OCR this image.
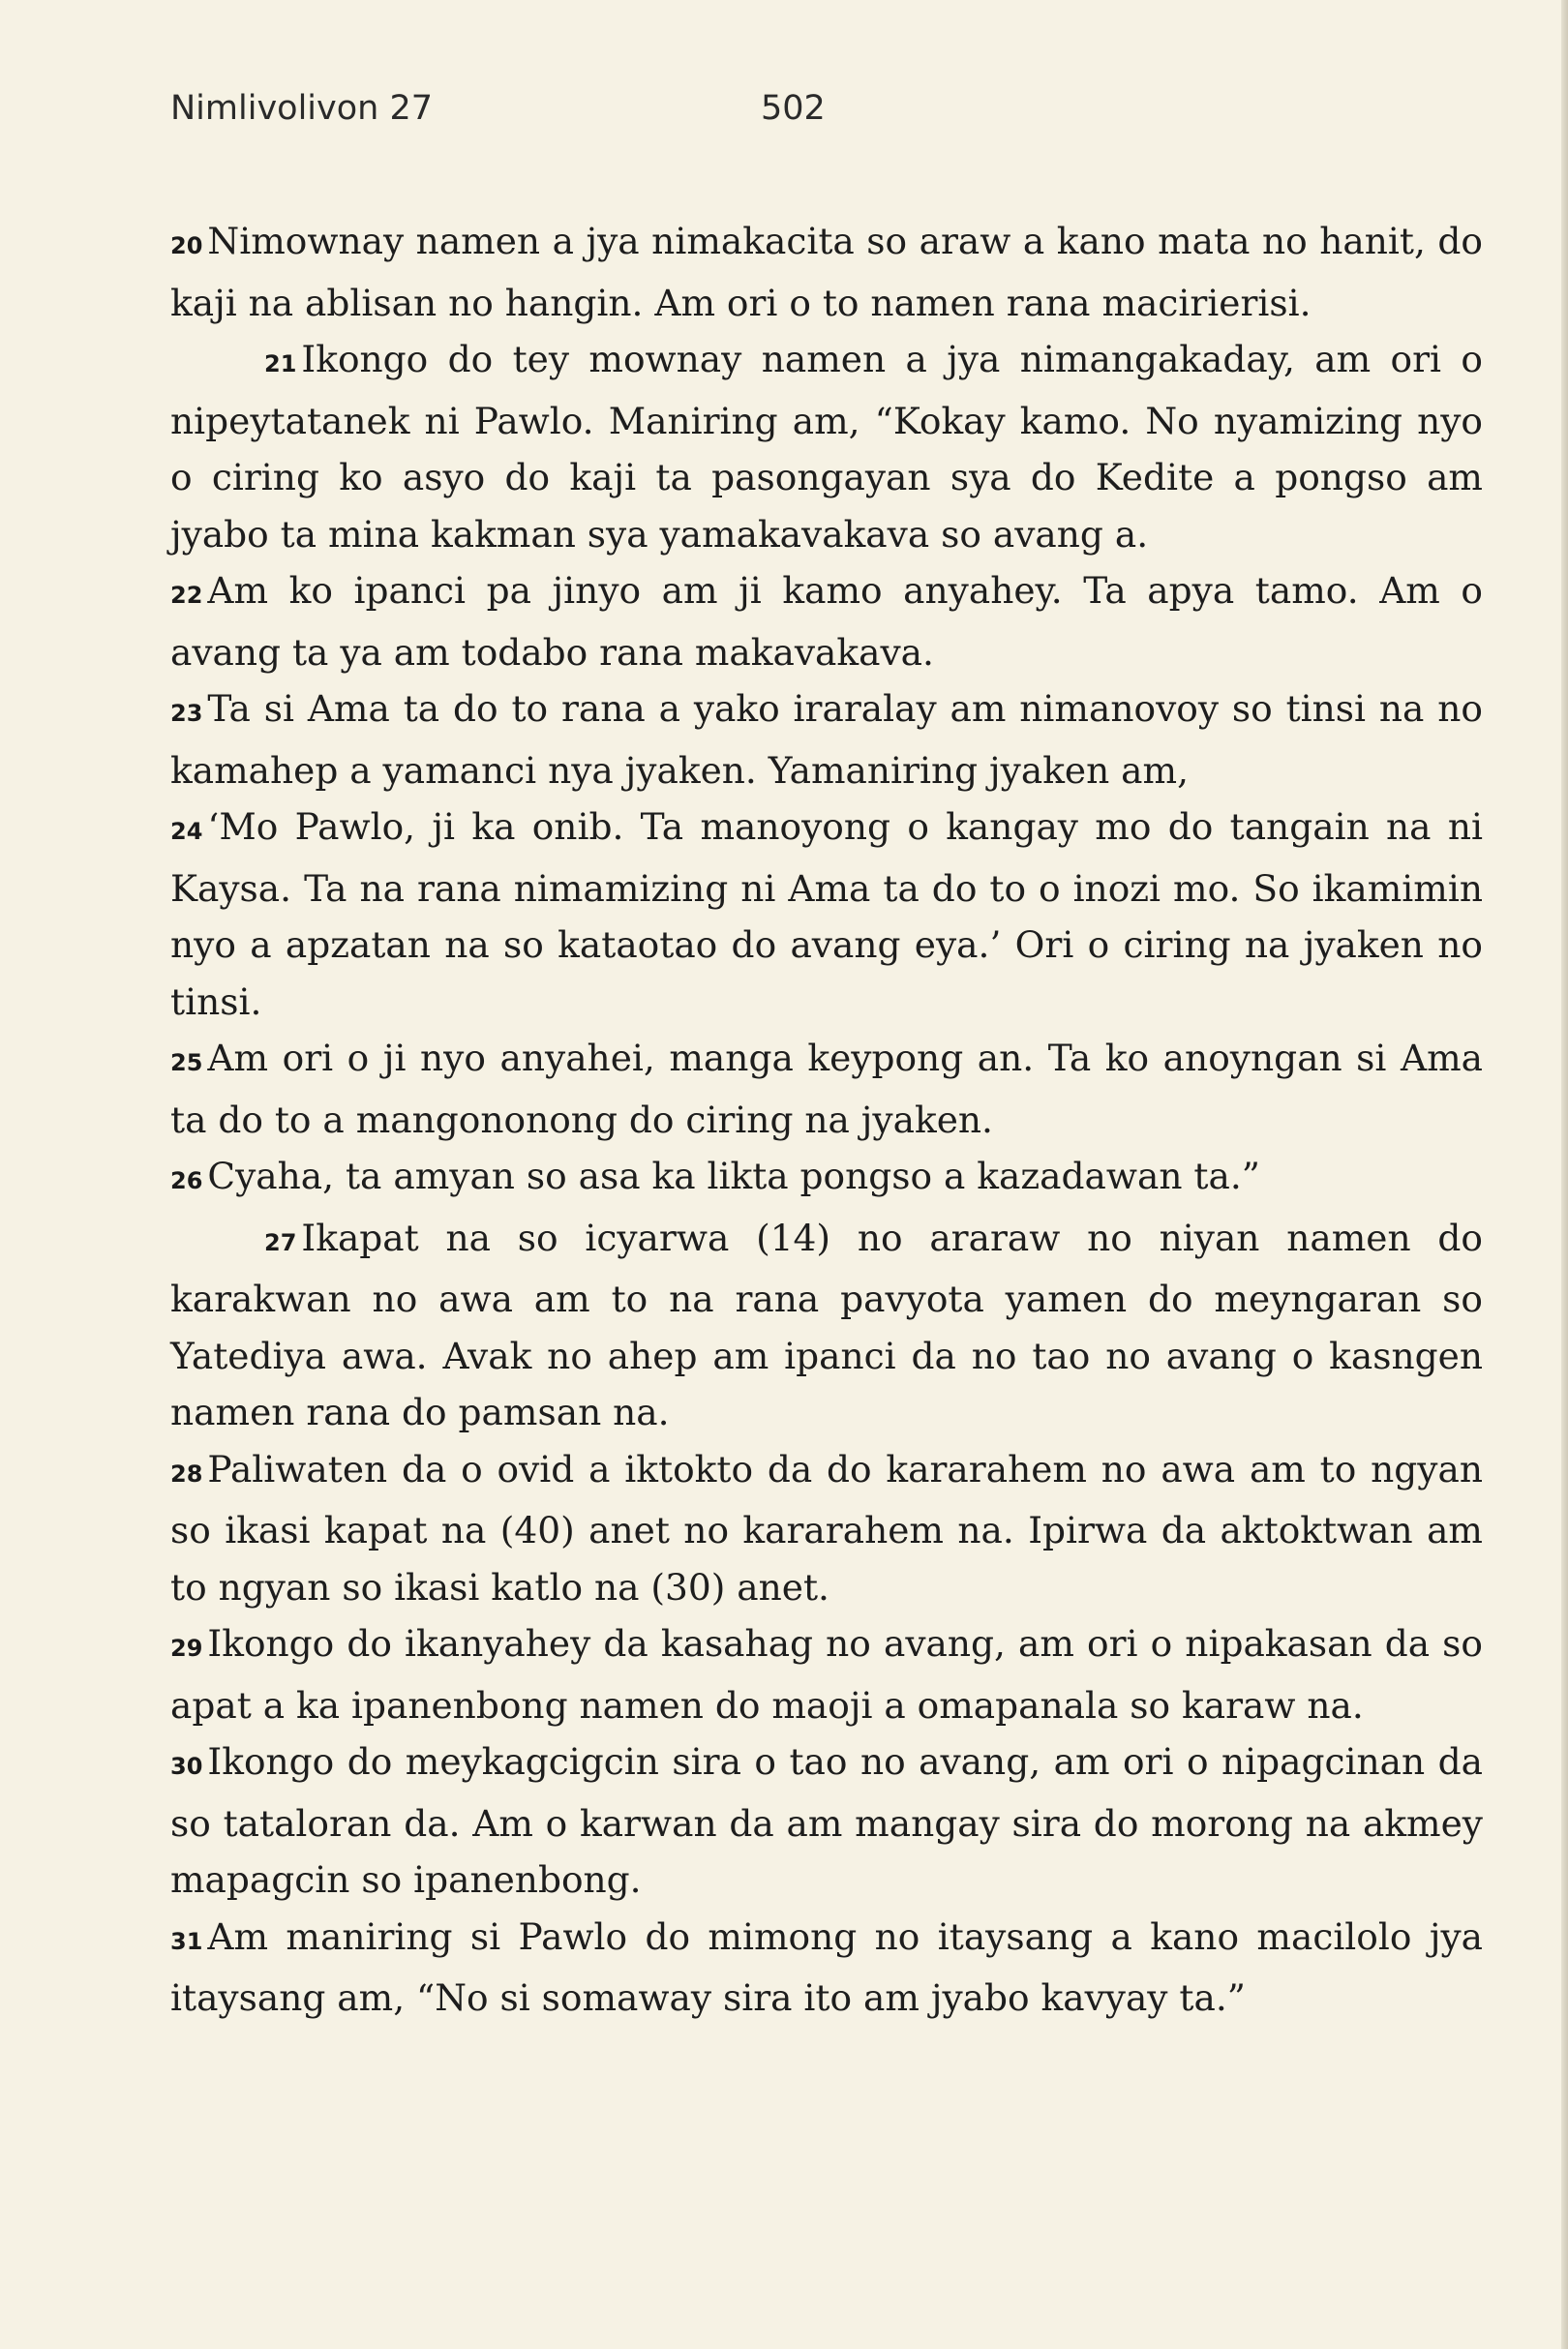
Nimlivolivon 27	502

20 Nimownay namen a jya nimakacita so araw a kano mata no hanit, do kaji na ablisan no hangin. Am ori o to namen rana macirierisi.

21 Ikongo do tey mownay namen a jya nimangakaday, am ori o nipeytatanek ni Pawlo. Maniring am, “Kokay kamo. No nyamizing nyo o ciring ko asyo do kaji ta pasongayan sya do Kedite a pongso am jyabo ta mina kakman sya yamakavakava so avang a.

22 Am ko ipanci pa jinyo am ji kamo anyahey. Ta apya tamo. Am o avang ta ya am todabo rana makavakava.

23 Ta si Ama ta do to rana a yako iraralay am nimanovoy so tinsi na no kamahep a yamanci nya jyaken. Yamaniring jyaken am,

24 ‘Mo Pawlo, ji ka onib. Ta manoyong o kangay mo do tangain na ni Kaysa. Ta na rana nimamizing ni Ama ta do to o inozi mo. So ikamimin nyo a apzatan na so kataotao do avang eya.’ Ori o ciring na jyaken no tinsi.

25 Am ori o ji nyo anyahei, manga keypong an. Ta ko anoyngan si Ama ta do to a mangononong do ciring na jyaken.

26 Cyaha, ta amyan so asa ka likta pongso a kazadawan ta.”

27 Ikapat na so icyarwa (14) no araraw no niyan namen do karakwan no awa am to na rana pavyota yamen do meyngaran so Yatediya awa. Avak no ahep am ipanci da no tao no avang o kasngen namen rana do pamsan na.

28 Paliwaten da o ovid a iktokto da do kararahem no awa am to ngyan so ikasi kapat na (40) anet no kararahem na. Ipirwa da aktoktwan am to ngyan so ikasi katlo na (30) anet.

29 Ikongo do ikanyahey da kasahag no avang, am ori o nipakasan da so apat a ka ipanenbong namen do maoji a omapanala so karaw na.

30 Ikongo do meykagcigcin sira o tao no avang, am ori o nipagcinan da so tataloran da. Am o karwan da am mangay sira do morong na akmey mapagcin so ipanenbong.

31 Am maniring si Pawlo do mimong no itaysang a kano macilolo jya itaysang am, “No si somaway sira ito am jyabo kavyay ta.”
